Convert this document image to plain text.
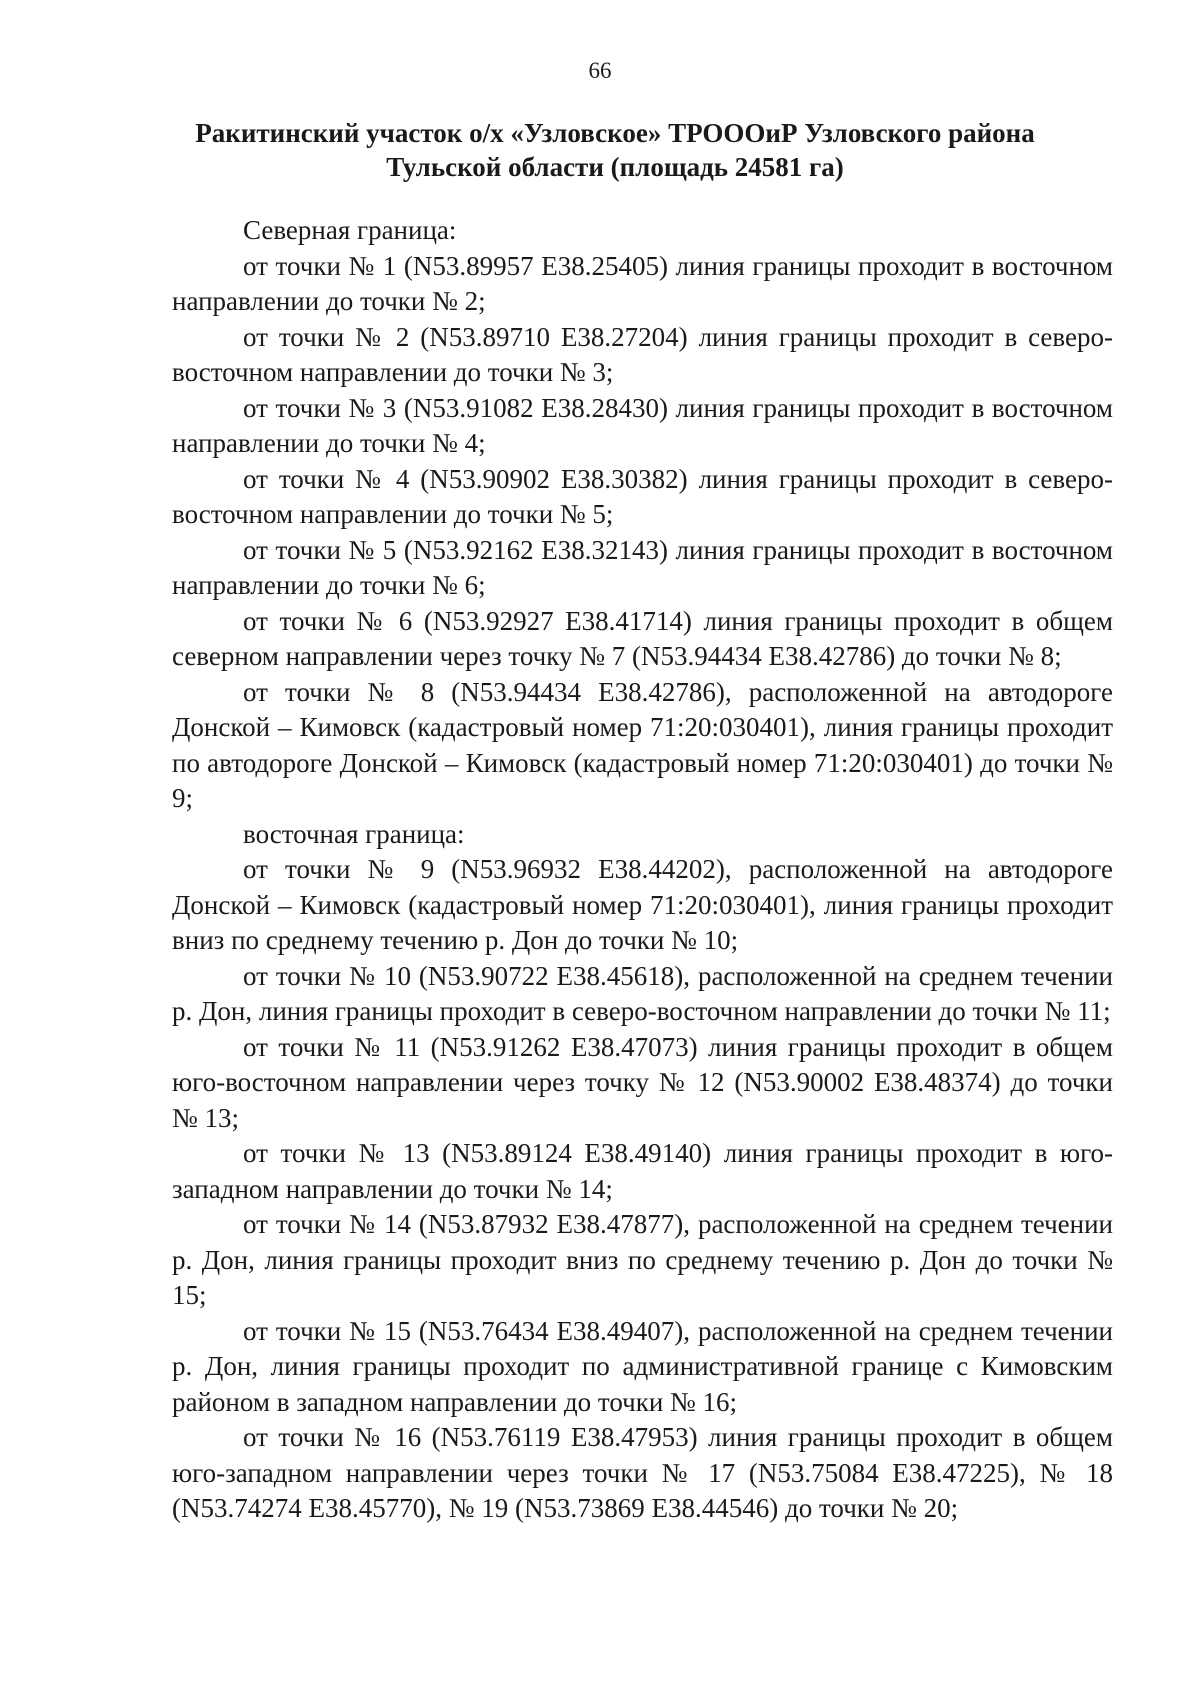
66
Ракитинский участок о/х «Узловское» ТРОООиР Узловского района
Тульской области (площадь 24581 га)

Северная граница:

от точки № 1 (N53.89957 E38.25405) линия границы проходит в восточном направлении до точки № 2;

от точки № 2 (N53.89710 E38.27204) линия границы проходит в северо-восточном направлении до точки № 3;

от точки № 3 (N53.91082 E38.28430) линия границы проходит в восточном направлении до точки № 4;

от точки № 4 (N53.90902 E38.30382) линия границы проходит в северо-восточном направлении до точки № 5;

от точки № 5 (N53.92162 E38.32143) линия границы проходит в восточном направлении до точки № 6;

от точки № 6 (N53.92927 E38.41714) линия границы проходит в общем северном направлении через точку № 7 (N53.94434 E38.42786) до точки № 8;

от точки № 8 (N53.94434 E38.42786), расположенной на автодороге Донской – Кимовск (кадастровый номер 71:20:030401), линия границы проходит по автодороге Донской – Кимовск (кадастровый номер 71:20:030401) до точки № 9;

восточная граница:

от точки № 9 (N53.96932 E38.44202), расположенной на автодороге Донской – Кимовск (кадастровый номер 71:20:030401), линия границы проходит вниз по среднему течению р. Дон до точки № 10;

от точки № 10 (N53.90722 E38.45618), расположенной на среднем течении р. Дон, линия границы проходит в северо-восточном направлении до точки № 11;

от точки № 11 (N53.91262 E38.47073) линия границы проходит в общем юго-восточном направлении через точку № 12 (N53.90002 E38.48374) до точки № 13;

от точки № 13 (N53.89124 E38.49140) линия границы проходит в юго-западном направлении до точки № 14;

от точки № 14 (N53.87932 E38.47877), расположенной на среднем течении р. Дон, линия границы проходит вниз по среднему течению р. Дон до точки № 15;

от точки № 15 (N53.76434 E38.49407), расположенной на среднем течении р. Дон, линия границы проходит по административной границе с Кимовским районом в западном направлении до точки № 16;

от точки № 16 (N53.76119 E38.47953) линия границы проходит в общем юго-западном направлении через точки № 17 (N53.75084 E38.47225), № 18 (N53.74274 E38.45770), № 19 (N53.73869 E38.44546) до точки № 20;
